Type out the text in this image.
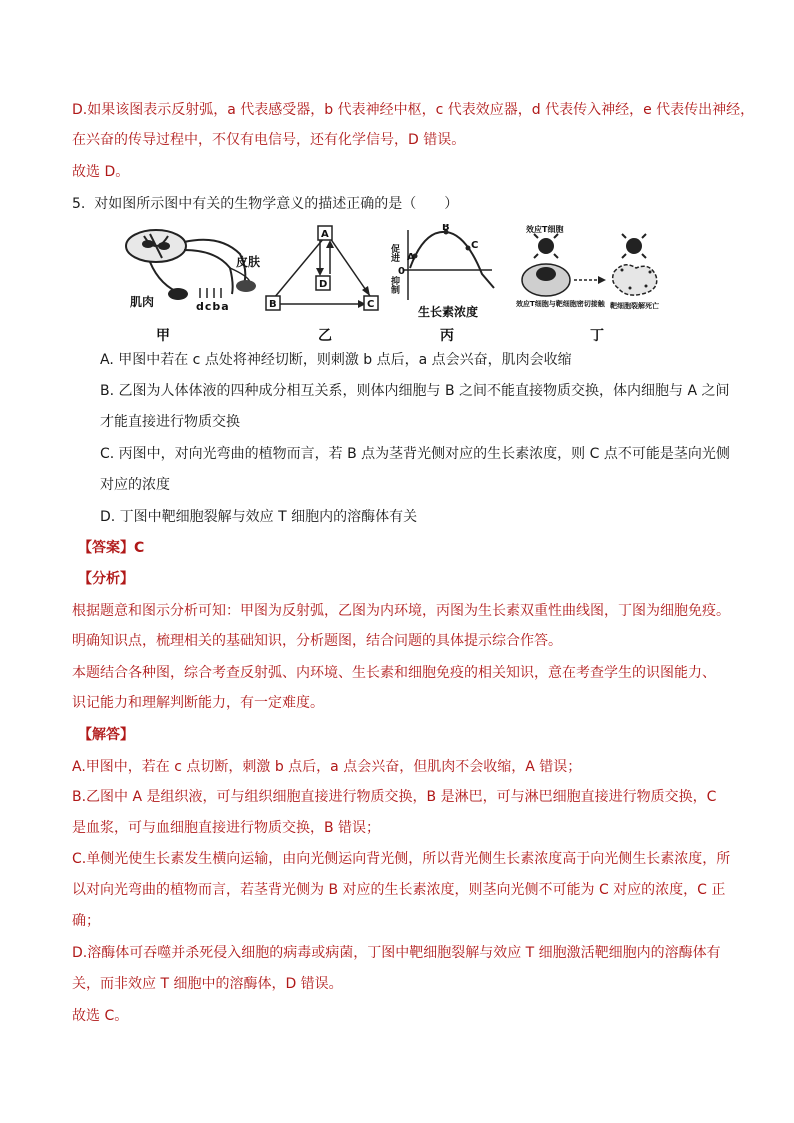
D.如果该图表示反射弧，a 代表感受器，b 代表神经中枢，c 代表效应器，d 代表传入神经，e 代表传出神经，
在兴奋的传导过程中，不仅有电信号，还有化学信号，D 错误。
故选 D。
5. 对如图所示图中有关的生物学意义的描述正确的是（　　）
皮肤
肌肉	dcba
甲
A
D
B	C
乙
促进
抑制
0
A
B
C
生长素浓度
丙
效应T细胞
效应T细胞与靶细胞密切接触 靶细胞裂解死亡
丁
A. 甲图中若在 c 点处将神经切断，则刺激 b 点后，a 点会兴奋，肌肉会收缩
B. 乙图为人体体液的四种成分相互关系，则体内细胞与 B 之间不能直接物质交换，体内细胞与 A 之间
才能直接进行物质交换
C. 丙图中，对向光弯曲的植物而言，若 B 点为茎背光侧对应的生长素浓度，则 C 点不可能是茎向光侧
对应的浓度
D. 丁图中靶细胞裂解与效应 T 细胞内的溶酶体有关
【答案】C
【分析】
根据题意和图示分析可知：甲图为反射弧，乙图为内环境，丙图为生长素双重性曲线图，丁图为细胞免疫。
明确知识点，梳理相关的基础知识，分析题图，结合问题的具体提示综合作答。
本题结合各种图，综合考查反射弧、内环境、生长素和细胞免疫的相关知识，意在考查学生的识图能力、
识记能力和理解判断能力，有一定难度。
【解答】
A.甲图中，若在 c 点切断，刺激 b 点后，a 点会兴奋，但肌肉不会收缩，A 错误；
B.乙图中 A 是组织液，可与组织细胞直接进行物质交换，B 是淋巴，可与淋巴细胞直接进行物质交换，C
是血浆，可与血细胞直接进行物质交换，B 错误；
C.单侧光使生长素发生横向运输，由向光侧运向背光侧，所以背光侧生长素浓度高于向光侧生长素浓度，所
以对向光弯曲的植物而言，若茎背光侧为 B 对应的生长素浓度，则茎向光侧不可能为 C 对应的浓度，C 正
确；
D.溶酶体可吞噬并杀死侵入细胞的病毒或病菌，丁图中靶细胞裂解与效应 T 细胞激活靶细胞内的溶酶体有
关，而非效应 T 细胞中的溶酶体，D 错误。
故选 C。
